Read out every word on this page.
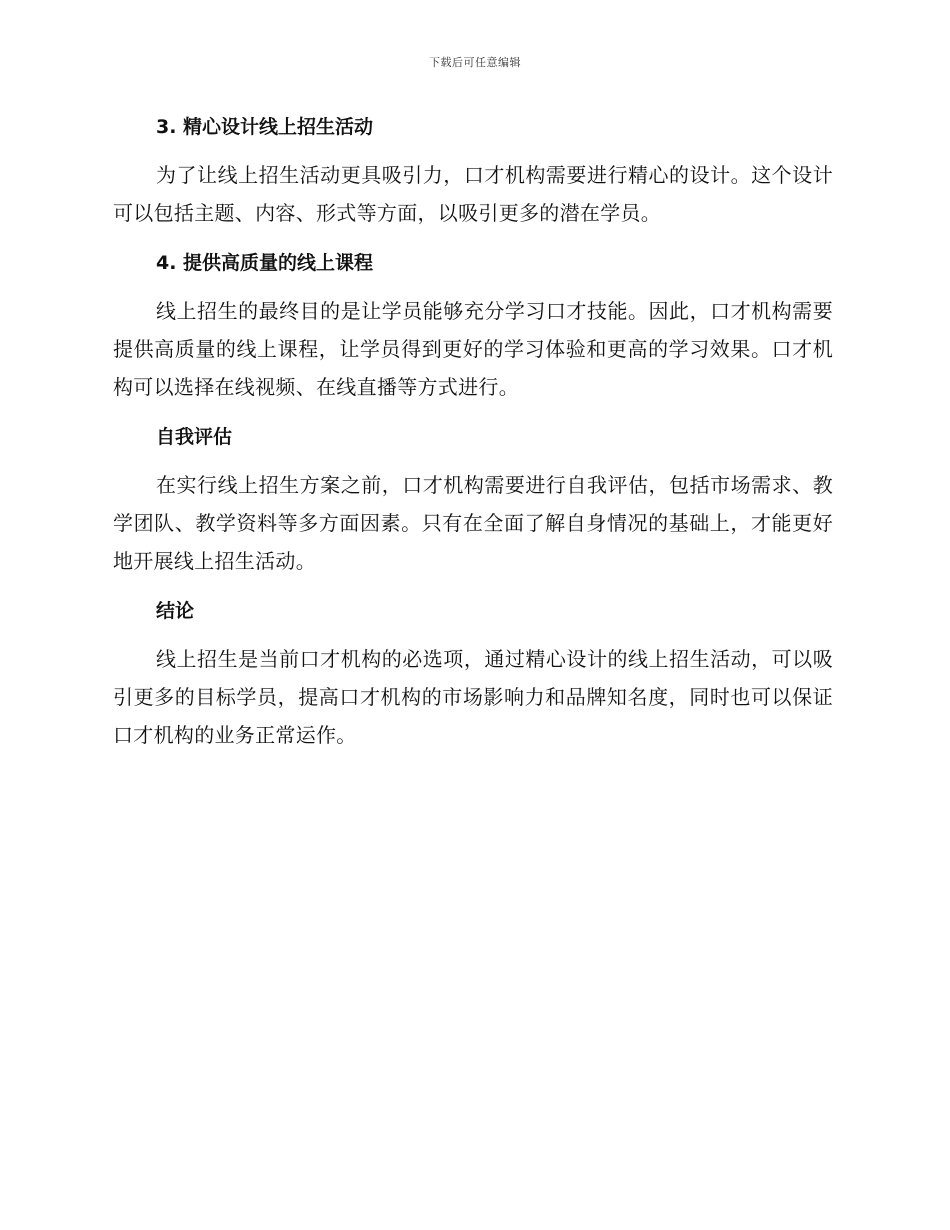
下载后可任意编辑
3. 精心设计线上招生活动

为了让线上招生活动更具吸引力，口才机构需要进行精心的设计。这个设计可以包括主题、内容、形式等方面，以吸引更多的潜在学员。

4. 提供高质量的线上课程

线上招生的最终目的是让学员能够充分学习口才技能。因此，口才机构需要提供高质量的线上课程，让学员得到更好的学习体验和更高的学习效果。口才机构可以选择在线视频、在线直播等方式进行。

自我评估

在实行线上招生方案之前，口才机构需要进行自我评估，包括市场需求、教学团队、教学资料等多方面因素。只有在全面了解自身情况的基础上，才能更好地开展线上招生活动。

结论

线上招生是当前口才机构的必选项，通过精心设计的线上招生活动，可以吸引更多的目标学员，提高口才机构的市场影响力和品牌知名度，同时也可以保证口才机构的业务正常运作。
